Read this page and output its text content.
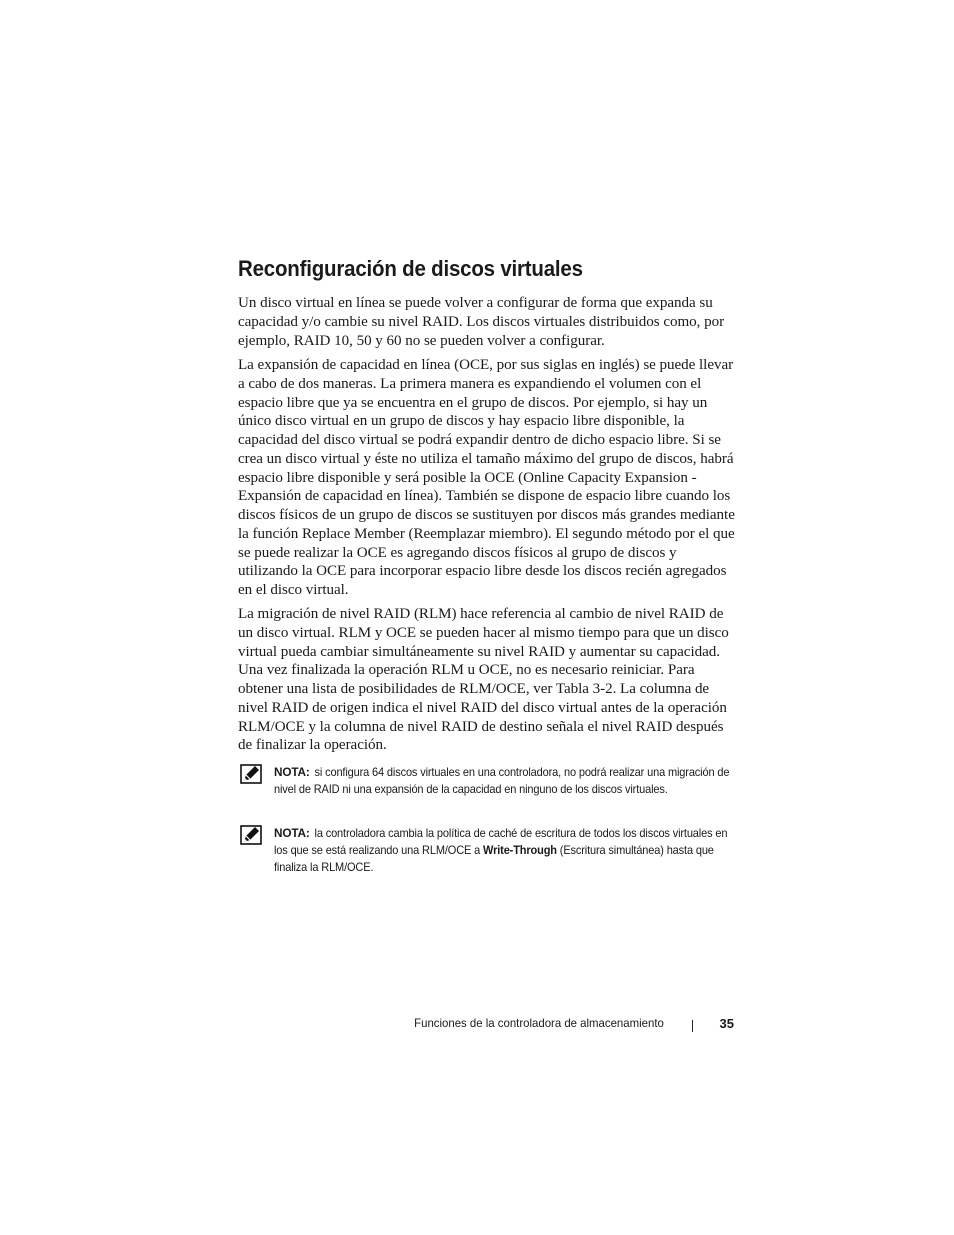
Reconfiguración de discos virtuales

Un disco virtual en línea se puede volver a configurar de forma que expanda su capacidad y/o cambie su nivel RAID. Los discos virtuales distribuidos como, por ejemplo, RAID 10, 50 y 60 no se pueden volver a configurar.

La expansión de capacidad en línea (OCE, por sus siglas en inglés) se puede llevar a cabo de dos maneras. La primera manera es expandiendo el volumen con el espacio libre que ya se encuentra en el grupo de discos. Por ejemplo, si hay un único disco virtual en un grupo de discos y hay espacio libre disponible, la capacidad del disco virtual se podrá expandir dentro de dicho espacio libre. Si se crea un disco virtual y éste no utiliza el tamaño máximo del grupo de discos, habrá espacio libre disponible y será posible la OCE (Online Capacity Expansion - Expansión de capacidad en línea). También se dispone de espacio libre cuando los discos físicos de un grupo de discos se sustituyen por discos más grandes mediante la función Replace Member (Reemplazar miembro). El segundo método por el que se puede realizar la OCE es agregando discos físicos al grupo de discos y utilizando la OCE para incorporar espacio libre desde los discos recién agregados en el disco virtual.

La migración de nivel RAID (RLM) hace referencia al cambio de nivel RAID de un disco virtual. RLM y OCE se pueden hacer al mismo tiempo para que un disco virtual pueda cambiar simultáneamente su nivel RAID y aumentar su capacidad. Una vez finalizada la operación RLM u OCE, no es necesario reiniciar. Para obtener una lista de posibilidades de RLM/OCE, ver Tabla 3-2. La columna de nivel RAID de origen indica el nivel RAID del disco virtual antes de la operación RLM/OCE y la columna de nivel RAID de destino señala el nivel RAID después de finalizar la operación.

NOTA: si configura 64 discos virtuales en una controladora, no podrá realizar una migración de nivel de RAID ni una expansión de la capacidad en ninguno de los discos virtuales.

NOTA: la controladora cambia la política de caché de escritura de todos los discos virtuales en los que se está realizando una RLM/OCE a Write-Through (Escritura simultánea) hasta que finaliza la RLM/OCE.

Funciones de la controladora de almacenamiento	35
